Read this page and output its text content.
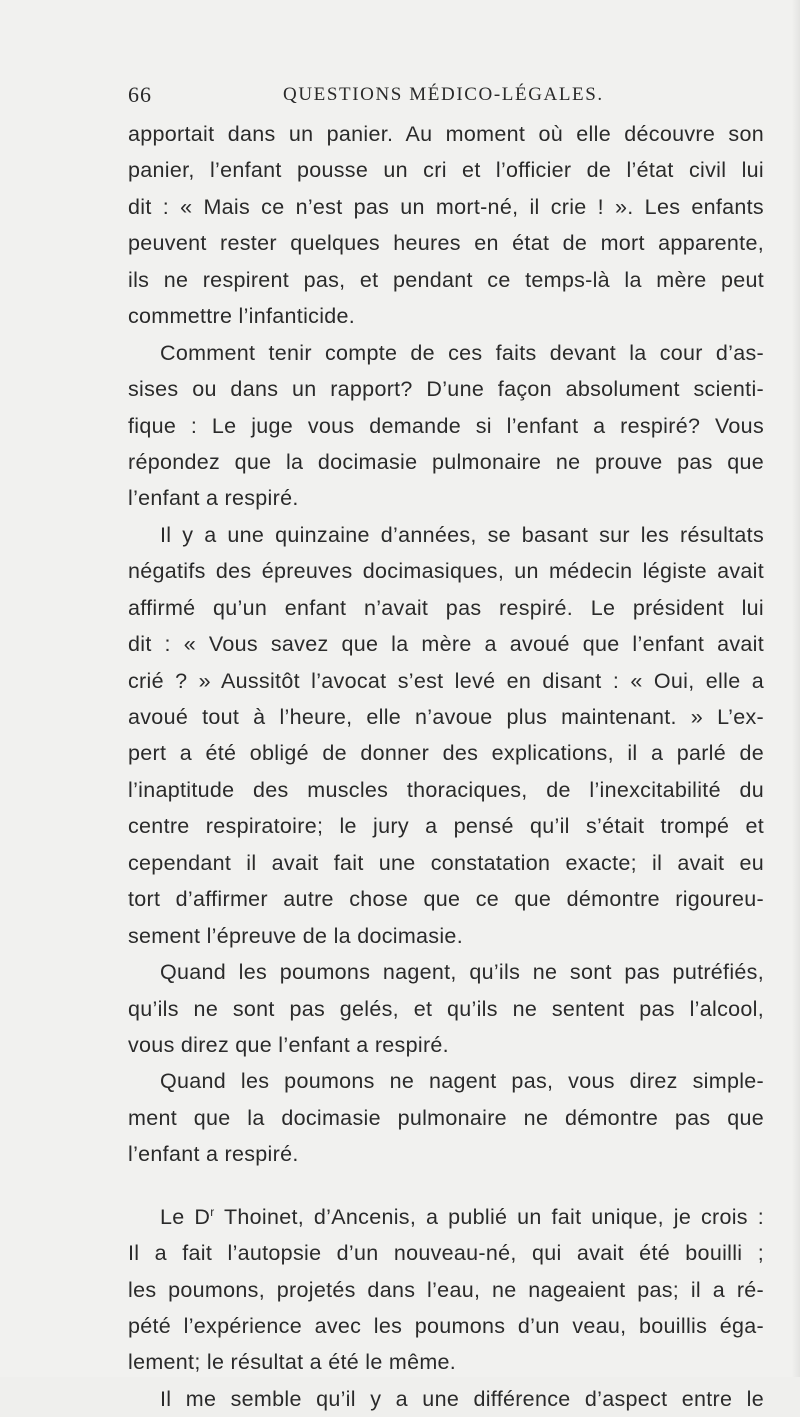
66	QUESTIONS MÉDICO-LÉGALES.
apportait dans un panier. Au moment où elle découvre son
panier, l’enfant pousse un cri et l’officier de l’état civil lui
dit : « Mais ce n’est pas un mort-né, il crie ! ». Les enfants
peuvent rester quelques heures en état de mort apparente,
ils ne respirent pas, et pendant ce temps-là la mère peut
commettre l’infanticide.
Comment tenir compte de ces faits devant la cour d’as-
sises ou dans un rapport? D’une façon absolument scienti-
fique : Le juge vous demande si l’enfant a respiré? Vous
répondez que la docimasie pulmonaire ne prouve pas que
l’enfant a respiré.
Il y a une quinzaine d’années, se basant sur les résultats
négatifs des épreuves docimasiques, un médecin légiste avait
affirmé qu’un enfant n’avait pas respiré. Le président lui
dit : « Vous savez que la mère a avoué que l’enfant avait
crié ? » Aussitôt l’avocat s’est levé en disant : « Oui, elle a
avoué tout à l’heure, elle n’avoue plus maintenant. » L’ex-
pert a été obligé de donner des explications, il a parlé de
l’inaptitude des muscles thoraciques, de l’inexcitabilité du
centre respiratoire; le jury a pensé qu’il s’était trompé et
cependant il avait fait une constatation exacte; il avait eu
tort d’affirmer autre chose que ce que démontre rigoureu-
sement l’épreuve de la docimasie.
Quand les poumons nagent, qu’ils ne sont pas putréfiés,
qu’ils ne sont pas gelés, et qu’ils ne sentent pas l’alcool,
vous direz que l’enfant a respiré.
Quand les poumons ne nagent pas, vous direz simple-
ment que la docimasie pulmonaire ne démontre pas que
l’enfant a respiré.
Le $D^r$ Thoinet, d’Ancenis, a publié un fait unique, je crois :
Il a fait l’autopsie d’un nouveau-né, qui avait été bouilli ;
les poumons, projetés dans l’eau, ne nageaient pas; il a ré-
pété l’expérience avec les poumons d’un veau, bouillis éga-
lement; le résultat a été le même.
Il me semble qu’il y a une différence d’aspect entre le
